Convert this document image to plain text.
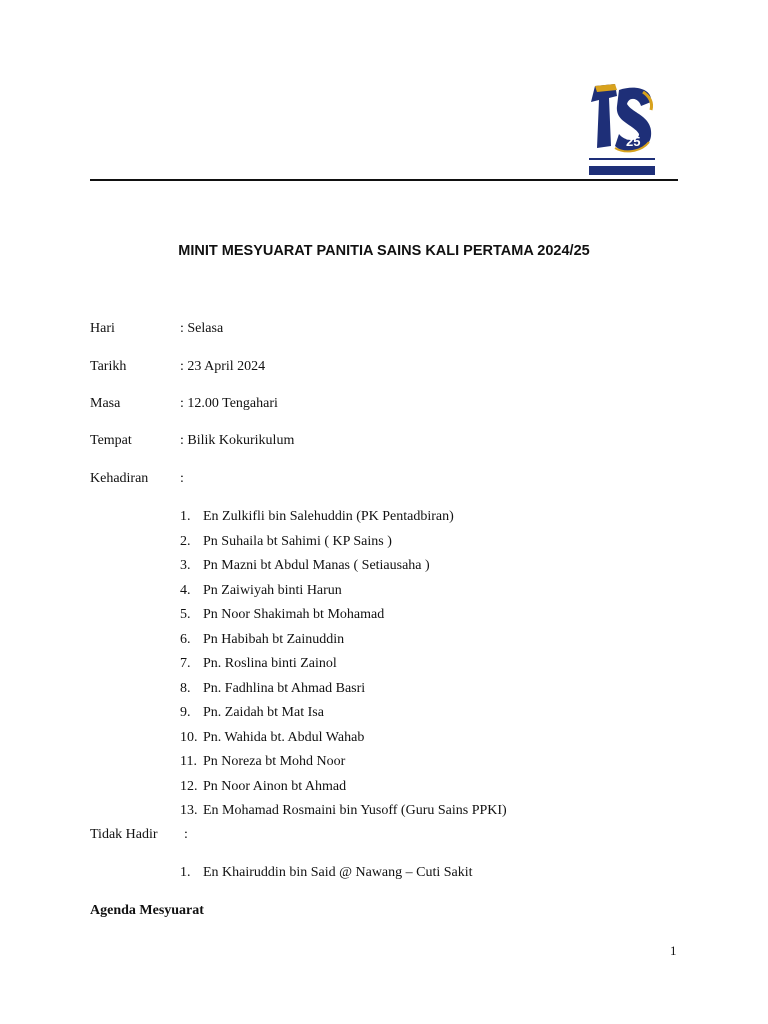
25
MINIT MESYUARAT PANITIA SAINS KALI PERTAMA 2024/25
Hari	: Selasa
Tarikh	: 23 April 2024
Masa	: 12.00 Tengahari
Tempat	: Bilik Kokurikulum
Kehadiran :
1. En Zulkifli bin Salehuddin (PK Pentadbiran)
2. Pn Suhaila bt Sahimi ( KP Sains )
3. Pn Mazni bt Abdul Manas ( Setiausaha )
4. Pn Zaiwiyah binti Harun
5. Pn Noor Shakimah bt Mohamad
6. Pn Habibah bt Zainuddin
7. Pn. Roslina binti Zainol
8. Pn. Fadhlina bt Ahmad Basri
9. Pn. Zaidah bt Mat Isa
10. Pn. Wahida bt. Abdul Wahab
11. Pn Noreza bt Mohd Noor
12. Pn Noor Ainon bt Ahmad
13. En Mohamad Rosmaini bin Yusoff (Guru Sains PPKI)
Tidak Hadir :
1. En Khairuddin bin Said @ Nawang – Cuti Sakit
Agenda Mesyuarat
1
